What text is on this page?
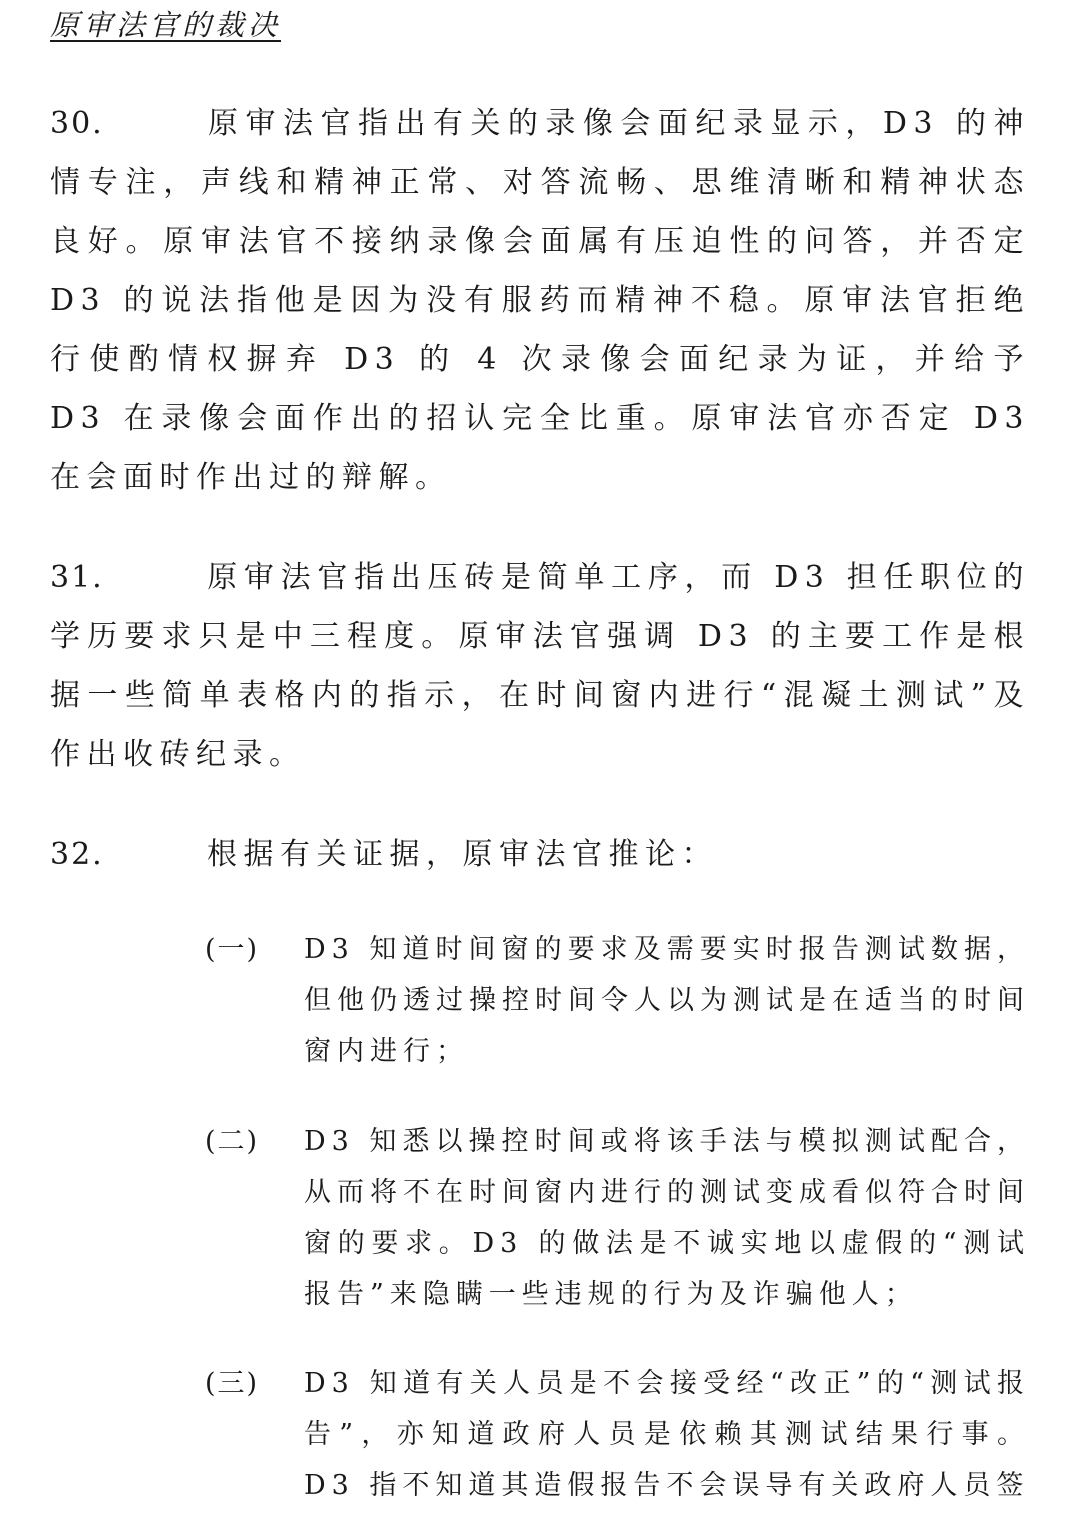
原审法官的裁决
30.	原审法官指出有关的录像会面纪录显示，D3 的神情专注，声线和精神正常、对答流畅、思维清晰和精神状态良好。原审法官不接纳录像会面属有压迫性的问答，并否定 D3 的说法指他是因为没有服药而精神不稳。原审法官拒绝行使酌情权摒弃 D3 的 4 次录像会面纪录为证，并给予 D3 在录像会面作出的招认完全比重。原审法官亦否定 D3 在会面时作出过的辩解。
31.	原审法官指出压砖是简单工序，而 D3 担任职位的学历要求只是中三程度。原审法官强调 D3 的主要工作是根据一些简单表格内的指示，在时间窗内进行“混凝土测试”及作出收砖纪录。
32.	根据有关证据，原审法官推论：
(一) D3 知道时间窗的要求及需要实时报告测试数据，但他仍透过操控时间令人以为测试是在适当的时间窗内进行；
(二) D3 知悉以操控时间或将该手法与模拟测试配合，从而将不在时间窗内进行的测试变成看似符合时间窗的要求。D3 的做法是不诚实地以虚假的“测试报告”来隐瞒一些违规的行为及诈骗他人；
(三) D3 知道有关人员是不会接受经“改正”的“测试报告”，亦知道政府人员是依赖其测试结果行事。D3 指不知道其造假报告不会误导有关政府人员签
